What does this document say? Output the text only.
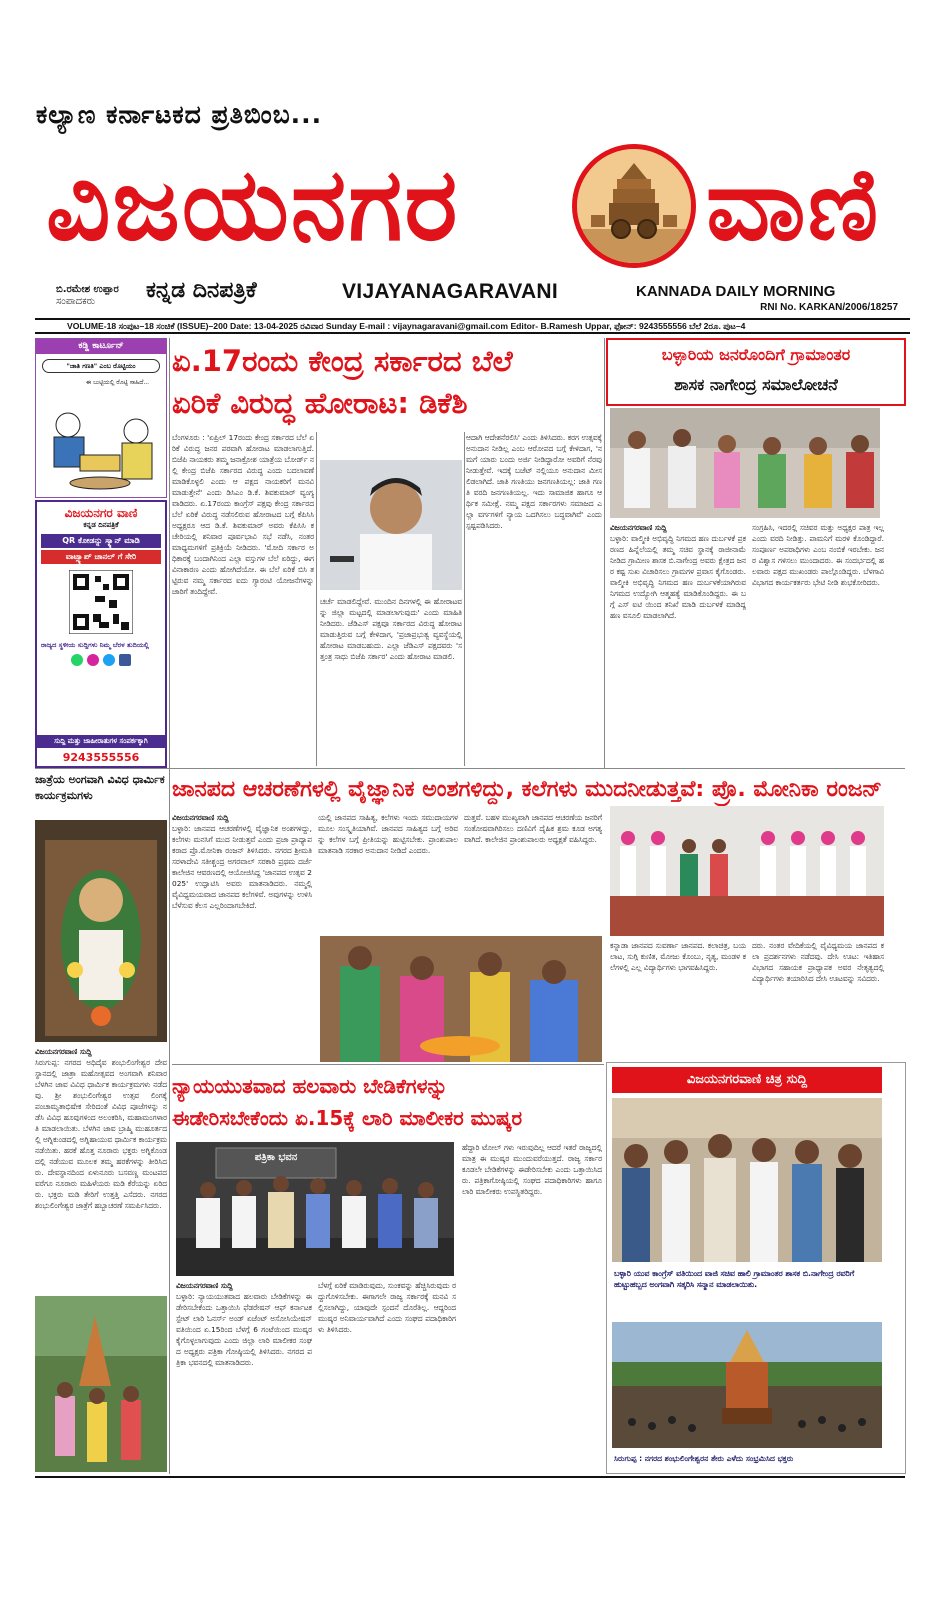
ಕಲ್ಯಾಣ ಕರ್ನಾಟಕದ ಪ್ರತಿಬಿಂಬ...
ವಿಜಯನಗರ	ವಾಣಿ
ಬಿ.ರಮೇಶ ಉಪ್ಪಾರ
ಸಂಪಾದಕರು	ಕನ್ನಡ ದಿನಪತ್ರಿಕೆ	VIJAYANAGARAVANI	KANNADA DAILY MORNING
RNI No. KARKAN/2006/18257
VOLUME-18 ಸಂಪುಟ–18 ಸಂಚಿಕೆ (ISSUE)–200 Date: 13-04-2025 ರವಿವಾರ Sunday E-mail : vijaynagaravani@gmail.com Editor- B.Ramesh Uppar, ಫೋನ್: 9243555556 ಬೆಲೆ 2ರೂ. ಪುಟ–4
ಕಡ್ಡಿ ಕಾರ್ಟೂನ್
"ಜಾತಿ ಗಣತಿ" ಎಂಬ ರೊಟ್ಟಿಯಂ
ಈ ಬುಟ್ಟಿಯಲ್ಲಿ ರೊಟ್ಟಿ ಸಾಹಿದೆ...
ವಿಜಯನಗರ ವಾಣಿ
ಕನ್ನಡ ದಿನಪತ್ರಿಕೆ
QR ಕೋಡನ್ನು ಸ್ಕ್ಯಾನ್ ಮಾಡಿ
ವಾಟ್ಸ್ಯಾಪ್ ಚಾನಲ್ ಗೆ ಸೇರಿ
ರಾಜ್ಯದ ಸ್ಥಳೀಯ ಸುದ್ದಿಗಳು ನಿಮ್ಮ ಬೆರಳ ತುದಿಯಲ್ಲಿ
ಸುದ್ದಿ ಮತ್ತು ಜಾಹೀರಾತುಗಳ ಸಂಪರ್ಕಕ್ಕಾಗಿ
9243555556
ಏ.17ರಂದು ಕೇಂದ್ರ ಸರ್ಕಾರದ ಬೆಲೆ
ಏರಿಕೆ ವಿರುದ್ಧ ಹೋರಾಟ: ಡಿಕೆಶಿ
ಬೆಂಗಳೂರು : 'ಏಪ್ರಿಲ್ 17ರಂದು ಕೇಂದ್ರ ಸರ್ಕಾರದ ಬೆಲೆ ಏರಿಕೆ ವಿರುದ್ಧ ಜನರ ಪರವಾಗಿ ಹೋರಾಟ ಮಾಡಲಾಗುತ್ತಿದೆ. ಬಿಜೆಪಿ ನಾಯಕರು ತಮ್ಮ ಜನಾಕ್ರೋಶ ಯಾತ್ರೆಯ ಬೋರ್ಡ್ ನಲ್ಲಿ ಕೇಂದ್ರ ಬಿಜೆಪಿ ಸರ್ಕಾರದ ವಿರುದ್ಧ ಎಂದು ಬದಲಾವಣೆ ಮಾಡಿಕೊಳ್ಳಲಿ ಎಂದು ಆ ಪಕ್ಷದ ನಾಯಕರಿಗೆ ಮನವಿ ಮಾಡುತ್ತೇನೆ' ಎಂದು ಡಿಸಿಎಂ ಡಿ.ಕೆ. ಶಿವಕುಮಾರ್ ವ್ಯಂಗ್ಯವಾಡಿದರು. ಏ.17ರಂದು ಕಾಂಗ್ರೆಸ್ ಪಕ್ಷವು ಕೇಂದ್ರ ಸರ್ಕಾರದ ಬೆಲೆ ಏರಿಕೆ ವಿರುದ್ಧ ನಡೆಸಲಿರುವ ಹೋರಾಟದ ಬಗ್ಗೆ ಕೆಪಿಸಿಸಿ ಅಧ್ಯಕ್ಷರೂ ಆದ ಡಿ.ಕೆ. ಶಿವಕುಮಾರ್ ಅವರು ಕೆಪಿಸಿಸಿ ಕಚೇರಿಯಲ್ಲಿ ಶನಿವಾರ ಪೂರ್ವಭಾವಿ ಸಭೆ ನಡೆಸಿ, ನಂತರ ಮಾಧ್ಯಮಗಳಿಗೆ ಪ್ರತಿಕ್ರಿಯೆ ನೀಡಿದರು. 'ಮೋದಿ ಸರ್ಕಾರ ಅಧಿಕಾರಕ್ಕೆ ಬಂದಾಗಿನಿಂದ ಎಲ್ಲಾ ವಸ್ತುಗಳ ಬೆಲೆ ಏರಿದ್ದು, ಈಗ ವಿನಾಕಾರಣ ಎಂದು ಹೋಗಿದೆಯೋ. ಈ ಬೆಲೆ ಏರಿಕೆ ಬಿಸಿ ತಟ್ಟಿರುವ ನಮ್ಮ ಸರ್ಕಾರದ ಐದು ಗ್ಯಾರಂಟಿ ಯೋಜನೆಗಳನ್ನು ಜಾರಿಗೆ ತಂದಿದ್ದೇವೆ.
ಚರ್ಚೆ ಮಾಡಲಿದ್ದೇವೆ. ಮುಂದಿನ ದಿನಗಳಲ್ಲಿ ಈ ಹೋರಾಟವನ್ನು ಜಿಲ್ಲಾ ಮಟ್ಟದಲ್ಲಿ ಮಾಡಲಾಗುವುದು' ಎಂದು ಮಾಹಿತಿ ನೀಡಿದರು. ಜೆಡಿಎಸ್ ಪಕ್ಷವೂ ಸರ್ಕಾರದ ವಿರುದ್ಧ ಹೋರಾಟ ಮಾಡುತ್ತಿರುವ ಬಗ್ಗೆ ಕೇಳಿದಾಗ, 'ಪ್ರಜಾಪ್ರಭುತ್ವ ವ್ಯವಸ್ಥೆಯಲ್ಲಿ ಹೋರಾಟ ಮಾಡಬಹುದು. ಎಲ್ಲಾ ಜೆಡಿಎಸ್ ಪಕ್ಷದವರು 'ಸತ್ತಂತ್ರ ಸಾಧು ಬಿಜೆಪಿ ಸರ್ಕಾರ' ಎಂದು ಹೋರಾಟ ಮಾಡಲಿ.
ಆದಾಗಿ ಆದೇಶನೆರಲಿಸಿ' ಎಂದು ತಿಳಿಸಿದರು. ಕರಗ ಉತ್ಸವಕ್ಕೆ ಅನುದಾನ ನೀಡಿಲ್ಲ ಎಂಬ ಆರೋಪದ ಬಗ್ಗೆ ಕೇಳಿದಾಗ, 'ನಮಗೆ ಯಾರು ಬಂದು ಅರ್ಜಿ ನೀಡಿದ್ದಾರೋ ಅವರಿಗೆ ನೆರವು ನೀಡುತ್ತೇವೆ. ಇದಕ್ಕೆ ಬಜೆಟ್ ನಲ್ಲಿಯೂ ಅನುದಾನ ಮೀಸಲಿಡಲಾಗಿದೆ. ಜಾತಿ ಗಣತಿಯು ಜನಗಣತಿಯಲ್ಲ: ಜಾತಿ ಗಣತಿ ವರದಿ ಜನಗಣತಿಯಲ್ಲ. ಇದು ಸಾಮಾಜಿಕ ಹಾಗೂ ಆರ್ಥಿಕ ಸಮೀಕ್ಷೆ. ನಮ್ಮ ಪಕ್ಷದ ಸರ್ಕಾರಗಳು ಸಮಾಜದ ಎಲ್ಲಾ ವರ್ಗಗಳಿಗೆ ನ್ಯಾಯ ಒದಗಿಸಲು ಬದ್ಧವಾಗಿವೆ' ಎಂದು ಸ್ಪಷ್ಟಪಡಿಸಿದರು.
ಬಳ್ಳಾರಿಯ ಜನರೊಂದಿಗೆ ಗ್ರಾಮಾಂತರ
ಶಾಸಕ ನಾಗೇಂದ್ರ ಸಮಾಲೋಚನೆ
ವಿಜಯನಗರವಾಣಿ ಸುದ್ದಿ
ಬಳ್ಳಾರಿ: ವಾಲ್ಮೀಕಿ ಅಭಿವೃದ್ಧಿ ನಿಗಮದ ಹಣ ದುರ್ಬಳಕೆ ಪ್ರಕರಣದ ಹಿನ್ನೆಲೆಯಲ್ಲಿ ತಮ್ಮ ಸಚಿವ ಸ್ಥಾನಕ್ಕೆ ರಾಜೀನಾಮೆ ನೀಡಿದ ಗ್ರಾಮೀಣ ಶಾಸಕ ಬಿ.ನಾಗೇಂದ್ರ ಅವರು ಕ್ಷೇತ್ರದ ಜನರ ಕಷ್ಟ ಸುಖ ವಿಚಾರಿಸಲು ಗ್ರಾಮಗಳ ಪ್ರವಾಸ ಕೈಗೊಂಡರು. ವಾಲ್ಮೀಕಿ ಅಭಿವೃದ್ಧಿ ನಿಗಮದ ಹಣ ದುರ್ಬಳಕೆಯಾಗಿರುವ ನಿಗಮದ ಉದ್ಯೋಗಿ ಆತ್ಮಹತ್ಯೆ ಮಾಡಿಕೊಂಡಿದ್ದರು. ಈ ಬಗ್ಗೆ ಎಸ್ ಐಟಿ ಯಿಂದ ತನಿಖೆ ಮಾಡಿ ದುರ್ಬಳಕೆ ಮಾಡಿದ್ದ ಹಣ ವಸೂಲಿ ಮಾಡಲಾಗಿದೆ.
ಸಂಗ್ರಹಿಸಿ, ಇದರಲ್ಲಿ ಸಚಿವರ ಮತ್ತು ಅಧ್ಯಕ್ಷರ ಪಾತ್ರ ಇಲ್ಲ ಎಂದು ವರದಿ ನೀಡಿತ್ತು. ಪಾಮನಿಗೆ ಮರಳಿ ಕೊಂಡಿದ್ದಾರೆ. ಸಂಪೂರ್ಣ ಅಪರಾಧಿಗಳು ಎಂಬ ನಂಬಿಕೆ ಇರಬೇಕು. ಜನರ ವಿಶ್ವಾಸ ಗಳಿಸಲು ಮುಂದಾದರು. ಈ ಸಂದರ್ಭದಲ್ಲಿ ಹಲವಾರು ಪಕ್ಷದ ಮುಖಂಡರು ಪಾಲ್ಗೊಂಡಿದ್ದರು. ಬೆಳಗಾವಿ ವಿಭಾಗದ ಕಾರ್ಯಕರ್ತರು ಭೇಟಿ ನೀಡಿ ಶುಭಕೋರಿದರು.
ಜಾತ್ರೆಯ ಅಂಗವಾಗಿ ವಿವಿಧ ಧಾರ್ಮಿಕ ಕಾರ್ಯಕ್ರಮಗಳು
ವಿಜಯನಗರವಾಣಿ ಸುದ್ದಿ
ಸಿರುಗುಪ್ಪ: ನಗರದ ಅಧಿದೈವ ಶಂಭುಲಿಂಗೇಶ್ವರ ದೇವಸ್ಥಾನದಲ್ಲಿ ಜಾತ್ರಾ ಮಹೋತ್ಸವದ ಅಂಗವಾಗಿ ಶನಿವಾರ ಬೆಳಗಿನ ಜಾವ ವಿವಿಧ ಧಾರ್ಮಿಕ ಕಾರ್ಯಕ್ರಮಗಳು ನಡೆದವು. ಶ್ರೀ ಶಂಭುಲಿಂಗೇಶ್ವರ ಉತ್ಸವ ಲಿಂಗಕ್ಕೆ ಪಂಚಾಮೃತಾಭಿಷೇಕ ಸೇರಿದಂತೆ ವಿವಿಧ ಪೂಜೆಗಳನ್ನು ನಡೆಸಿ ವಿವಿಧ ಹೂವುಗಳಿಂದ ಅಲಂಕರಿಸಿ, ಮಹಾಮಂಗಳಾರತಿ ಮಾಡಲಾಯಿತು. ಬೆಳಗಿನ ಜಾವ ಬ್ರಾಹ್ಮಿ ಮುಹೂರ್ತದಲ್ಲಿ ಅಗ್ನಿಕುಂಡದಲ್ಲಿ ಅಗ್ನಿಹಾಯುವ ಧಾರ್ಮಿಕ ಕಾರ್ಯಕ್ರಮ ನಡೆಯಿತು. ಹರಕೆ ಹೊತ್ತ ನೂರಾರು ಭಕ್ತರು ಅಗ್ನಿಕೊಂಡದಲ್ಲಿ ನಡೆಯುವ ಮೂಲಕ ತಮ್ಮ ಹರಕೆಗಳನ್ನು ತೀರಿಸಿದರು. ದೇವಸ್ಥಾನದಿಂದ ಏಳುನೂರು ಬಸವಣ್ಣ ಮಂಟಪದ ವರೆಗೂ ನೂರಾರು ಮಹಿಳೆಯರು ಮಡಿ ಕೆರೆಯನ್ನು ಏರಿದರು. ಭಕ್ತರು ಮಡಿ ತೇರಿಗೆ ಉತ್ತತ್ತಿ ಎಸೆದರು. ನಗರದ ಶಂಭುಲಿಂಗೇಶ್ವರ ಜಾತ್ರೆಗೆ ಹಬ್ಬಾಚರಣೆ ಸಮರ್ಪಿಸಿದರು.
ಜಾನಪದ ಆಚರಣೆಗಳಲ್ಲಿ ವೈಜ್ಞಾನಿಕ ಅಂಶಗಳಿದ್ದು, ಕಲೆಗಳು ಮುದನೀಡುತ್ತವೆ: ಪ್ರೊ. ಮೋನಿಕಾ ರಂಜನ್
ವಿಜಯನಗರವಾಣಿ ಸುದ್ದಿ
ಬಳ್ಳಾರಿ: ಜಾನಪದ ಆಚರಣೆಗಳಲ್ಲಿ ವೈಜ್ಞಾನಿಕ ಅಂಶಗಳಿದ್ದು, ಕಲೆಗಳು ಮನಸಿಗೆ ಮುದ ನೀಡುತ್ತವೆ ಎಂದು ಪ್ರಜಾ ಪ್ರಾಧ್ಯಾಪಕರಾದ ಪ್ರೊ.ಮೋನಿಕಾ ರಂಜನ್ ತಿಳಿಸಿದರು. ನಗರದ ಶ್ರೀಮತಿ ಸರಳಾದೇವಿ ಸತೀಶ್ಚಂದ್ರ ಅಗರವಾಲ್ ಸರಕಾರಿ ಪ್ರಥಮ ದರ್ಜೆ ಕಾಲೇಜಿನ ಆವರಣದಲ್ಲಿ ಆಯೋಜಿಸಿದ್ದ 'ಜಾನಪದ ಉತ್ಸವ 2025' ಉದ್ಘಾಟಿಸಿ ಅವರು ಮಾತನಾಡಿದರು. ನಮ್ಮಲ್ಲಿ ವೈವಿಧ್ಯಮಯವಾದ ಜಾನಪದ ಕಲೆಗಳಿವೆ. ಅವುಗಳನ್ನು ಉಳಿಸಿ ಬೆಳೆಸುವ ಕೆಲಸ ಎಲ್ಲರಿಂದಾಗಬೇಕಿದೆ.
ಯಲ್ಲಿ ಜಾನಪದ ಸಾಹಿತ್ಯ, ಕಲೆಗಳು ಇಂದು ಸಮುದಾಯಗಳ ಮೂಲ ಸಂಸ್ಕೃತಿಯಾಗಿವೆ. ಜಾನಪದ ಸಾಹಿತ್ಯದ ಬಗ್ಗೆ ಅರಿವನ್ನು ಕಲೆಗಳ ಬಗ್ಗೆ ಪ್ರೀತಿಯನ್ನು ಹುಟ್ಟಿಸಬೇಕು. ಪ್ರಾಂಶುಪಾಲ ಮಾತನಾಡಿ ಸರಕಾರ ಅನುದಾನ ನೀಡಿದೆ ಎಂದರು.
ದುತ್ತವೆ. ಬಹಳ ಮುಖ್ಯವಾಗಿ ಜಾನಪದ ಆಚರಣೆಯ ಜನರಿಗೆ ಸಂತೋಷವಾಗಿರಿಸಲು ದಣಿವಿಗೆ ದೈಹಿಕ ಶ್ರಮ ಕೂಡ ಅಗತ್ಯವಾಗಿದೆ. ಕಾಲೇಜಿನ ಪ್ರಾಂಶುಪಾಲರು ಅಧ್ಯಕ್ಷತೆ ವಹಿಸಿದ್ದರು.
ಕನ್ನಾಡಾ ಜಾನಪದ ಸುವರ್ಣಾ ಜಾನಪದ. ಕಲಾಚಿತ್ರ, ಬಯಲಾಟ, ಸುಗ್ಗಿ ಕುಣಿತ, ಮೋಜು ಕೊಂಬು, ನೃತ್ಯ, ಮಂಡಳ ಕಲೆಗಳಲ್ಲಿ ಎಲ್ಲ ವಿದ್ಯಾರ್ಥಿಗಳು ಭಾಗವಹಿಸಿದ್ದರು.
ದರು. ನಂತರ ವೇದಿಕೆಯಲ್ಲಿ ವೈವಿಧ್ಯಮಯ ಜಾನಪದ ಕಲಾ ಪ್ರದರ್ಶನಗಳು ನಡೆದವು. ದೇಸಿ ಊಟ: ಇತಿಹಾಸ ವಿಭಾಗದ ಸಹಾಯಕ ಪ್ರಾಧ್ಯಾಪಕ ಅವರ ನೇತೃತ್ವದಲ್ಲಿ ವಿದ್ಯಾರ್ಥಿಗಳು ತಯಾರಿಸಿದ ದೇಸಿ ಊಟವನ್ನು ಸವಿದರು.
ನ್ಯಾಯಯುತವಾದ ಹಲವಾರು ಬೇಡಿಕೆಗಳನ್ನು
ಈಡೇರಿಸಬೇಕೆಂದು ಏ.15ಕ್ಕೆ ಲಾರಿ ಮಾಲೀಕರ ಮುಷ್ಕರ
ಪತ್ರಿಕಾ ಭವನ
ವಿಜಯನಗರವಾಣಿ ಸುದ್ದಿ
ಬಳ್ಳಾರಿ: ನ್ಯಾಯಯುತವಾದ ಹಲವಾರು ಬೇಡಿಕೆಗಳನ್ನು ಈಡೇರಿಸಬೇಕೆಂದು ಒತ್ತಾಯಿಸಿ ಫೆಡರೇಷನ್ ಆಫ್ ಕರ್ನಾಟಕ ಸ್ಟೇಟ್ ಲಾರಿ ಓನರ್ಸ್ ಅಂಡ್ ಏಜೆಂಟ್ ಅಸೋಸಿಯೇಷನ್ ವತಿಯಿಂದ ಏ.15ರಿಂದ ಬೆಳಗ್ಗೆ 6 ಗಂಟೆಯಿಂದ ಮುಷ್ಕರ ಕೈಗೊಳ್ಳಲಾಗುವುದು ಎಂದು ಜಿಲ್ಲಾ ಲಾರಿ ಮಾಲೀಕರ ಸಂಘದ ಅಧ್ಯಕ್ಷರು ಪತ್ರಿಕಾ ಗೋಷ್ಠಿಯಲ್ಲಿ ತಿಳಿಸಿದರು. ನಗರದ ಪತ್ರಿಕಾ ಭವನದಲ್ಲಿ ಮಾತನಾಡಿದರು.
ಬೆಳಗ್ಗೆ ಏರಿಕೆ ಮಾಡಿರುವುದು, ಸುಂಕವನ್ನು ಹೆಚ್ಚಿಸಿರುವುದು ರದ್ದುಗೊಳಿಸಬೇಕು. ಈಗಾಗಲೇ ರಾಜ್ಯ ಸರ್ಕಾರಕ್ಕೆ ಮನವಿ ಸಲ್ಲಿಸಲಾಗಿದ್ದು, ಯಾವುದೇ ಸ್ಪಂದನೆ ದೊರೆತಿಲ್ಲ. ಆದ್ದರಿಂದ ಮುಷ್ಕರ ಅನಿವಾರ್ಯವಾಗಿದೆ ಎಂದು ಸಂಘದ ಪದಾಧಿಕಾರಿಗಳು ತಿಳಿಸಿದರು.
ಹೆದ್ದಾರಿ ಟೋಲ್ ಗಳು ಇರುವುದಿಲ್ಲ ಆದರೆ ಇತರೆ ರಾಜ್ಯದಲ್ಲಿ ಮಾತ್ರ ಈ ಮುಷ್ಕರ ಮುಂದುವರೆಯುತ್ತದೆ. ರಾಜ್ಯ ಸರ್ಕಾರ ಕೂಡಲೇ ಬೇಡಿಕೆಗಳನ್ನು ಈಡೇರಿಸಬೇಕು ಎಂದು ಒತ್ತಾಯಿಸಿದರು. ಪತ್ರಿಕಾಗೋಷ್ಠಿಯಲ್ಲಿ ಸಂಘದ ಪದಾಧಿಕಾರಿಗಳು ಹಾಗೂ ಲಾರಿ ಮಾಲೀಕರು ಉಪಸ್ಥಿತರಿದ್ದರು.
ವಿಜಯನಗರವಾಣಿ ಚಿತ್ರ ಸುದ್ದಿ
ಬಳ್ಳಾರಿ ಯುವ ಕಾಂಗ್ರೆಸ್ ವತಿಯಿಂದ ವಾಜಿ ಸಚಿವ ಹಾಲಿ ಗ್ರಾಮಾಂತರ ಶಾಸಕ ಬಿ.ನಾಗೇಂದ್ರ ರವರಿಗೆ ಹುಟ್ಟುಹಬ್ಬದ ಅಂಗವಾಗಿ ಸತ್ಕರಿಸಿ ಸನ್ಮಾನ ಮಾಡಲಾಯಿತು.
ಸಿರುಗುಪ್ಪ : ನಗರದ ಶಂಭುಲಿಂಗೇಶ್ವರನ ತೇರು ಎಳೆದು ಸಂಭ್ರಮಿಸಿದ ಭಕ್ತರು
